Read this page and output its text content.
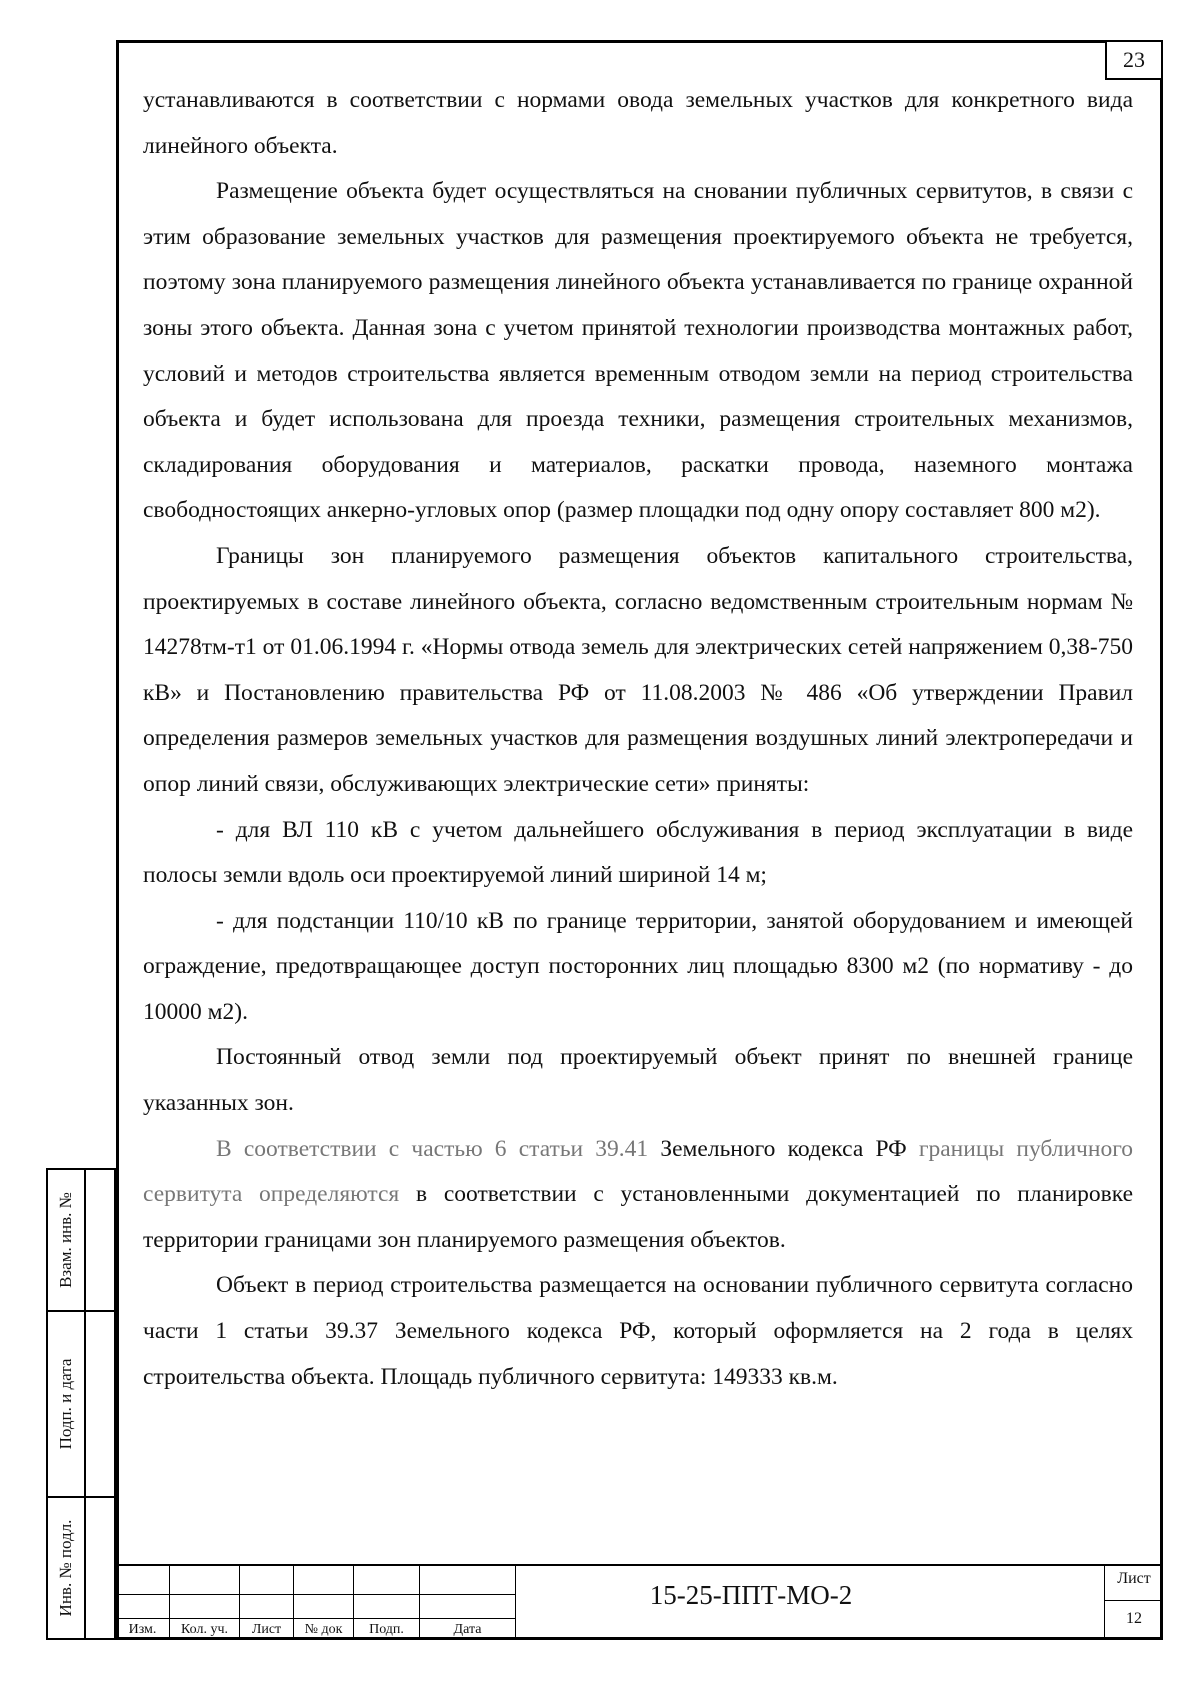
23

устанавливаются в соответствии с нормами овода земельных участков для конкретного вида линейного объекта.

Размещение объекта будет осуществляться на сновании публичных сервитутов, в связи с этим образование земельных участков для размещения проектируемого объекта не требуется, поэтому зона планируемого размещения линейного объекта устанавливается по границе охранной зоны этого объекта. Данная зона с учетом принятой технологии производства монтажных работ, условий и методов строительства является временным отводом земли на период строительства объекта и будет использована для проезда техники, размещения строительных механизмов, складирования оборудования и материалов, раскатки провода, наземного монтажа свободностоящих анкерно-угловых опор (размер площадки под одну опору составляет 800 м2).

Границы зон планируемого размещения объектов капитального строительства, проектируемых в составе линейного объекта, согласно ведомственным строительным нормам № 14278тм-т1 от 01.06.1994 г. «Нормы отвода земель для электрических сетей напряжением 0,38-750 кВ» и Постановлению правительства РФ от 11.08.2003 № 486 «Об утверждении Правил определения размеров земельных участков для размещения воздушных линий электропередачи и опор линий связи, обслуживающих электрические сети» приняты:

- для ВЛ 110 кВ с учетом дальнейшего обслуживания в период эксплуатации в виде полосы земли вдоль оси проектируемой линий шириной 14 м;

- для подстанции 110/10 кВ по границе территории, занятой оборудованием и имеющей ограждение, предотвращающее доступ посторонних лиц площадью 8300 м2 (по нормативу - до 10000 м2).

Постоянный отвод земли под проектируемый объект принят по внешней границе указанных зон.

В соответствии с частью 6 статьи 39.41 Земельного кодекса РФ границы публичного сервитута определяются в соответствии с установленными документацией по планировке территории границами зон планируемого размещения объектов.

Объект в период строительства размещается на основании публичного сервитута согласно части 1 статьи 39.37 Земельного кодекса РФ, который оформляется на 2 года в целях строительства объекта. Площадь публичного сервитута: 149333 кв.м.

Взам. инв. №
Подп. и дата
Инв. № подл.
Изм.	Кол. уч.	Лист	№ док	Подп.	Дата
15-25-ППТ-МО-2
Лист
12
